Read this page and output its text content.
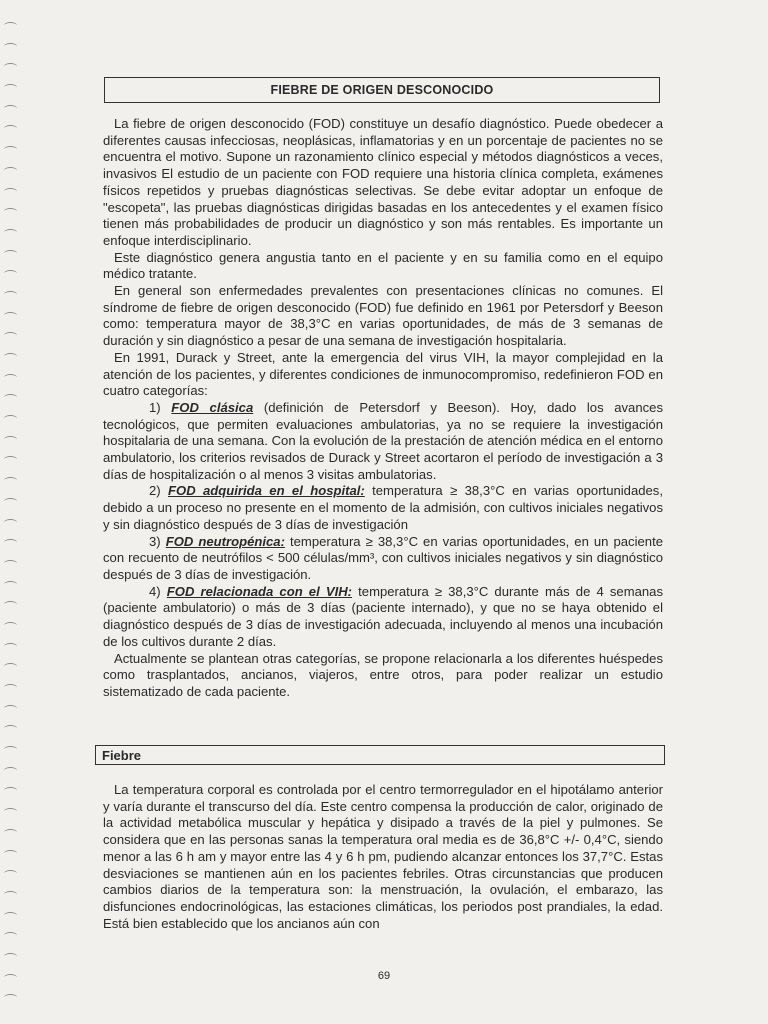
FIEBRE DE ORIGEN DESCONOCIDO

La fiebre de origen desconocido (FOD) constituye un desafío diagnóstico. Puede obedecer a diferentes causas infecciosas, neoplásicas, inflamatorias y en un porcentaje de pacientes no se encuentra el motivo. Supone un razonamiento clínico especial y métodos diagnósticos a veces, invasivos El estudio de un paciente con FOD requiere una historia clínica completa, exámenes físicos repetidos y pruebas diagnósticas selectivas. Se debe evitar adoptar un enfoque de "escopeta", las pruebas diagnósticas dirigidas basadas en los antecedentes y el examen físico tienen más probabilidades de producir un diagnóstico y son más rentables. Es importante un enfoque interdisciplinario.

Este diagnóstico genera angustia tanto en el paciente y en su familia como en el equipo médico tratante.

En general son enfermedades prevalentes con presentaciones clínicas no comunes. El síndrome de fiebre de origen desconocido (FOD) fue definido en 1961 por Petersdorf y Beeson como: temperatura mayor de 38,3°C en varias oportunidades, de más de 3 semanas de duración y sin diagnóstico a pesar de una semana de investigación hospitalaria.

En 1991, Durack y Street, ante la emergencia del virus VIH, la mayor complejidad en la atención de los pacientes, y diferentes condiciones de inmunocompromiso, redefinieron FOD en cuatro categorías:

1) FOD clásica (definición de Petersdorf y Beeson). Hoy, dado los avances tecnológicos, que permiten evaluaciones ambulatorias, ya no se requiere la investigación hospitalaria de una semana. Con la evolución de la prestación de atención médica en el entorno ambulatorio, los criterios revisados de Durack y Street acortaron el período de investigación a 3 días de hospitalización o al menos 3 visitas ambulatorias.

2) FOD adquirida en el hospital: temperatura ≥ 38,3°C en varias oportunidades, debido a un proceso no presente en el momento de la admisión, con cultivos iniciales negativos y sin diagnóstico después de 3 días de investigación

3) FOD neutropénica: temperatura ≥ 38,3°C en varias oportunidades, en un paciente con recuento de neutrófilos < 500 células/mm³, con cultivos iniciales negativos y sin diagnóstico después de 3 días de investigación.

4) FOD relacionada con el VIH: temperatura ≥ 38,3°C durante más de 4 semanas (paciente ambulatorio) o más de 3 días (paciente internado), y que no se haya obtenido el diagnóstico después de 3 días de investigación adecuada, incluyendo al menos una incubación de los cultivos durante 2 días.

Actualmente se plantean otras categorías, se propone relacionarla a los diferentes huéspedes como trasplantados, ancianos, viajeros, entre otros, para poder realizar un estudio sistematizado de cada paciente.

Fiebre

La temperatura corporal es controlada por el centro termorregulador en el hipotálamo anterior y varía durante el transcurso del día. Este centro compensa la producción de calor, originado de la actividad metabólica muscular y hepática y disipado a través de la piel y pulmones. Se considera que en las personas sanas la temperatura oral media es de 36,8°C +/- 0,4°C, siendo menor a las 6 h am y mayor entre las 4 y 6 h pm, pudiendo alcanzar entonces los 37,7°C. Estas desviaciones se mantienen aún en los pacientes febriles. Otras circunstancias que producen cambios diarios de la temperatura son: la menstruación, la ovulación, el embarazo, las disfunciones endocrinológicas, las estaciones climáticas, los periodos post prandiales, la edad. Está bien establecido que los ancianos aún con

69
